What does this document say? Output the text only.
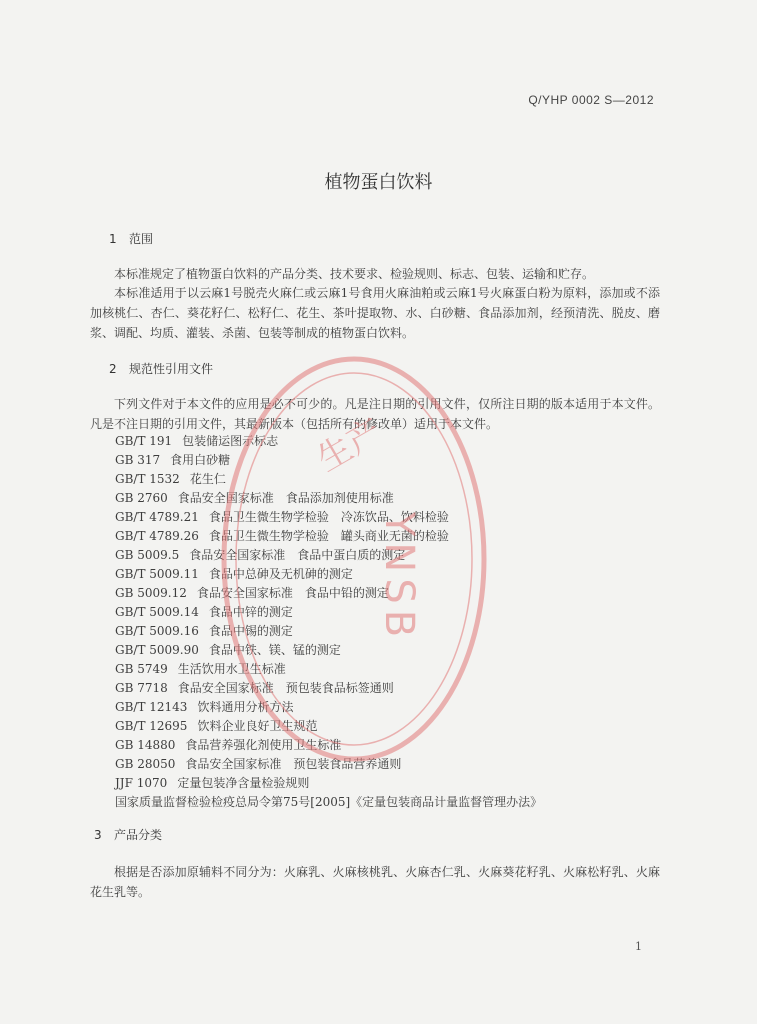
Q/YHP 0002 S—2012
植物蛋白饮料
1 范围

本标准规定了植物蛋白饮料的产品分类、技术要求、检验规则、标志、包装、运输和贮存。

本标准适用于以云麻1号脱壳火麻仁或云麻1号食用火麻油粕或云麻1号火麻蛋白粉为原料，添加或不添加核桃仁、杏仁、葵花籽仁、松籽仁、花生、茶叶提取物、水、白砂糖、食品添加剂，经预清洗、脱皮、磨浆、调配、均质、灌装、杀菌、包装等制成的植物蛋白饮料。

2 规范性引用文件

下列文件对于本文件的应用是必不可少的。凡是注日期的引用文件，仅所注日期的版本适用于本文件。凡是不注日期的引用文件，其最新版本（包括所有的修改单）适用于本文件。

GB/T 191 包装储运图示标志
GB 317 食用白砂糖
GB/T 1532 花生仁
GB 2760 食品安全国家标准　食品添加剂使用标准
GB/T 4789.21 食品卫生微生物学检验　冷冻饮品、饮料检验
GB/T 4789.26 食品卫生微生物学检验　罐头商业无菌的检验
GB 5009.5 食品安全国家标准　食品中蛋白质的测定
GB/T 5009.11 食品中总砷及无机砷的测定
GB 5009.12 食品安全国家标准　食品中铅的测定
GB/T 5009.14 食品中锌的测定
GB/T 5009.16 食品中锡的测定
GB/T 5009.90 食品中铁、镁、锰的测定
GB 5749 生活饮用水卫生标准
GB 7718 食品安全国家标准　预包装食品标签通则
GB/T 12143 饮料通用分析方法
GB/T 12695 饮料企业良好卫生规范
GB 14880 食品营养强化剂使用卫生标准
GB 28050 食品安全国家标准　预包装食品营养通则
JJF 1070 定量包装净含量检验规则
国家质量监督检验检疫总局令第75号[2005]《定量包装商品计量监督管理办法》
3 产品分类

根据是否添加原辅料不同分为：火麻乳、火麻核桃乳、火麻杏仁乳、火麻葵花籽乳、火麻松籽乳、火麻花生乳等。

1
生产
YNSB
